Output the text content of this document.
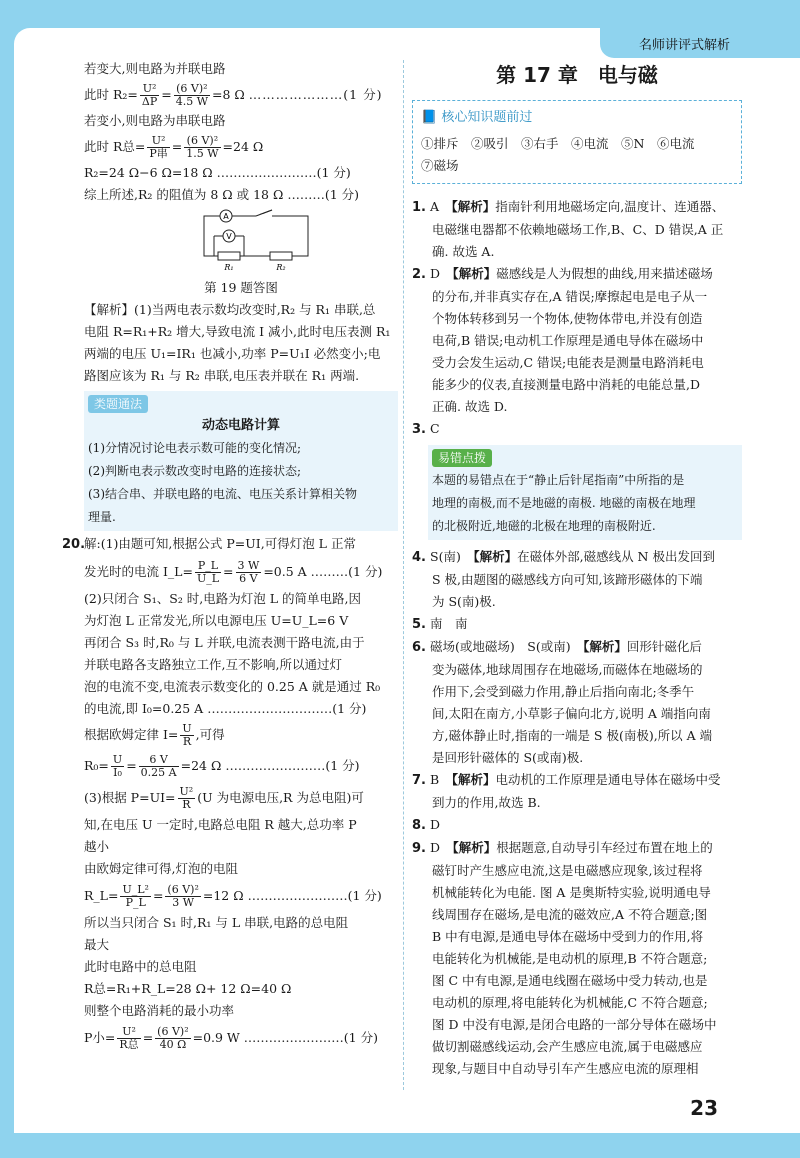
名师讲评式解析
若变大,则电路为并联电路
此时 $R_2= \frac{\text{U²}}{\Delta P} = \frac{\text{(6 V)²}}{4.5 W} =8$ Ω …………………(1 分)
若变小,则电路为串联电路
此时 R总= $\frac{\text{U²}}{\text{P串}} = \frac{\text{(6 V)²}}{1.5 W} =24$ Ω
R₂=24 Ω−6 Ω=18 Ω ……………………(1 分)
综上所述,R₂ 的阻值为 8 Ω 或 18 Ω ………(1 分)
A
V
R₁	R₂
第 19 题答图
【解析】(1)当两电表示数均改变时,R₂ 与 R₁ 串联,总
电阻 R=R₁+R₂ 增大,导致电流 I 减小,此时电压表测 R₁
两端的电压 U₁=IR₁ 也减小,功率 P=U₁I 必然变小;电
路图应该为 R₁ 与 R₂ 串联,电压表并联在 R₁ 两端.
类题通法
动态电路计算
(1)分情况讨论电表示数可能的变化情况;
(2)判断电表示数改变时电路的连接状态;
(3)结合串、并联电路的电流、电压关系计算相关物
理量.
20.解:(1)由题可知,根据公式 P=UI,可得灯泡 L 正常
发光时的电流 I_L= $\frac{P\_L}{U\_L} = \frac{3 W}{6 V} =0.5$ A ………(1 分)
(2)只闭合 S₁、S₂ 时,电路为灯泡 L 的简单电路,因
为灯泡 L 正常发光,所以电源电压 U=U_L=6 V
再闭合 S₃ 时,R₀ 与 L 并联,电流表测干路电流,由于
并联电路各支路独立工作,互不影响,所以通过灯
泡的电流不变,电流表示数变化的 0.25 A 就是通过 R₀
的电流,即 I₀=0.25 A …………………………(1 分)
根据欧姆定律 $I= \frac{U}{R}$ ,可得
$R_0= \frac{U}{\text{I₀}} = \frac{6 V}{0.25 A} =24$ Ω ……………………(1 分)
(3)根据 $P=UI= \frac{\text{U²}}{R} (U$ 为电源电压,R 为总电阻)可
知,在电压 U 一定时,电路总电阻 R 越大,总功率 P
越小
由欧姆定律可得,灯泡的电阻
R_L= $\frac{\text{U\_L²}}{P\_L} = \frac{\text{(6 V)²}}{3 W} =12$ Ω ……………………(1 分)
所以当只闭合 S₁ 时,R₁ 与 L 串联,电路的总电阻
最大
此时电路中的总电阻
R总=R₁+R_L=28 Ω+ 12 Ω=40 Ω
则整个电路消耗的最小功率
P小= $\frac{\text{U²}}{\text{R总}} = \frac{\text{(6 V)²}}{40 \Omega} =0.9$ W ……………………(1 分)
第 17 章　电与磁
📘 核心知识题前过
①排斥　②吸引　③右手　④电流　⑤N　⑥电流
⑦磁场
1. A　【解析】指南针利用地磁场定向,温度计、连通器、
电磁继电器都不依赖地磁场工作,B、C、D 错误,A 正
确. 故选 A.
2. D　【解析】磁感线是人为假想的曲线,用来描述磁场
的分布,并非真实存在,A 错误;摩擦起电是电子从一
个物体转移到另一个物体,使物体带电,并没有创造
电荷,B 错误;电动机工作原理是通电导体在磁场中
受力会发生运动,C 错误;电能表是测量电路消耗电
能多少的仪表,直接测量电路中消耗的电能总量,D
正确. 故选 D.
3. C
易错点拨
本题的易错点在于“静止后针尾指南”中所指的是
地理的南极,而不是地磁的南极. 地磁的南极在地理
的北极附近,地磁的北极在地理的南极附近.
4. S(南)　【解析】在磁体外部,磁感线从 N 极出发回到
S 极,由题图的磁感线方向可知,该蹄形磁体的下端
为 S(南)极.
5. 南　南
6. 磁场(或地磁场)　S(或南)　【解析】回形针磁化后
变为磁体,地球周围存在地磁场,而磁体在地磁场的
作用下,会受到磁力作用,静止后指向南北;冬季午
间,太阳在南方,小草影子偏向北方,说明 A 端指向南
方,磁体静止时,指南的一端是 S 极(南极),所以 A 端
是回形针磁体的 S(或南)极.
7. B　【解析】电动机的工作原理是通电导体在磁场中受
到力的作用,故选 B.
8. D
9. D　【解析】根据题意,自动导引车经过布置在地上的
磁钉时产生感应电流,这是电磁感应现象,该过程将
机械能转化为电能. 图 A 是奥斯特实验,说明通电导
线周围存在磁场,是电流的磁效应,A 不符合题意;图
B 中有电源,是通电导体在磁场中受到力的作用,将
电能转化为机械能,是电动机的原理,B 不符合题意;
图 C 中有电源,是通电线圈在磁场中受力转动,也是
电动机的原理,将电能转化为机械能,C 不符合题意;
图 D 中没有电源,是闭合电路的一部分导体在磁场中
做切割磁感线运动,会产生感应电流,属于电磁感应
现象,与题目中自动导引车产生感应电流的原理相
23
